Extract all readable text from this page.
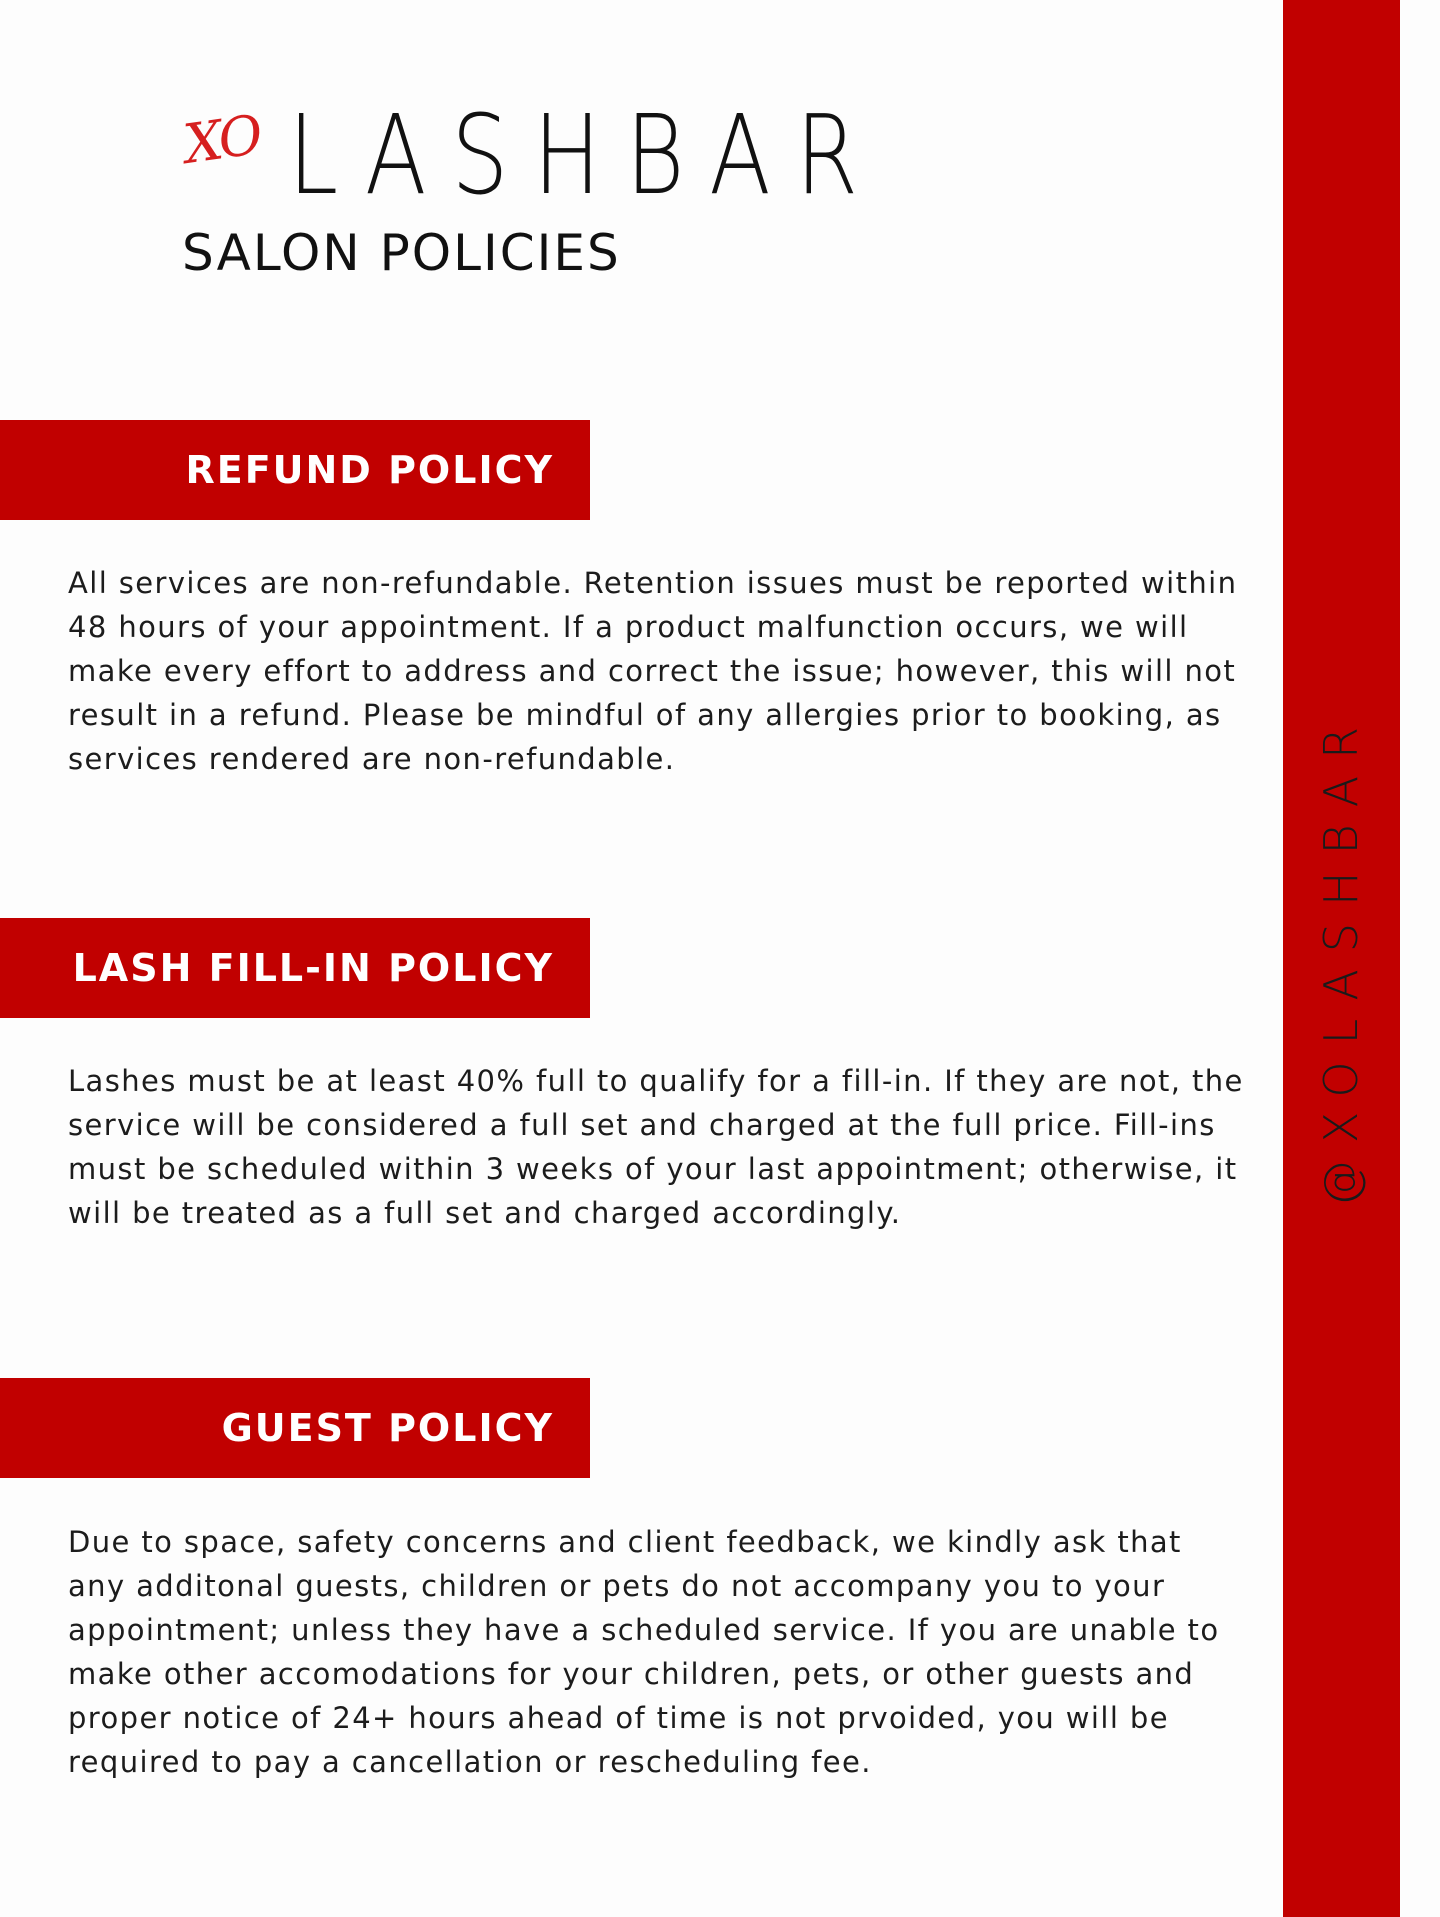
@XOLASHBAR
XO LASHBAR
SALON POLICIES
REFUND POLICY
All services are non-refundable. Retention issues must be reported within 48 hours of your appointment. If a product malfunction occurs, we will make every effort to address and correct the issue; however, this will not result in a refund. Please be mindful of any allergies prior to booking, as services rendered are non-refundable.
LASH FILL-IN POLICY
Lashes must be at least 40% full to qualify for a fill-in. If they are not, the service will be considered a full set and charged at the full price. Fill-ins must be scheduled within 3 weeks of your last appointment; otherwise, it will be treated as a full set and charged accordingly.
GUEST POLICY
Due to space, safety concerns and client feedback, we kindly ask that any additonal guests, children or pets do not accompany you to your appointment; unless they have a scheduled service. If you are unable to make other accomodations for your children, pets, or other guests and proper notice of 24+ hours ahead of time is not prvoided, you will be required to pay a cancellation or rescheduling fee.
